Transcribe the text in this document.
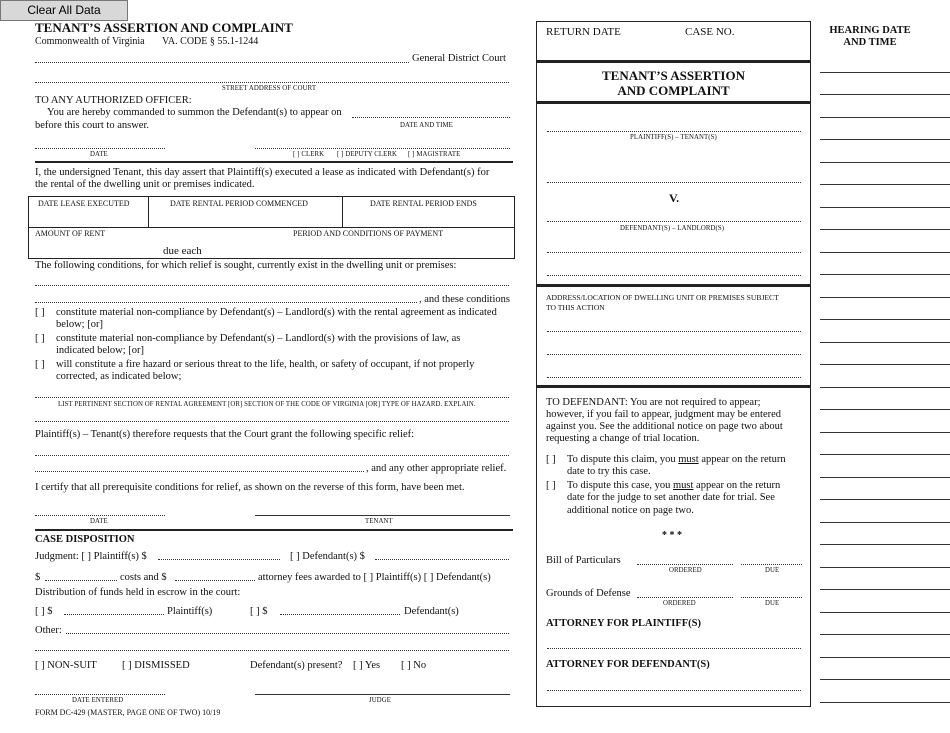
Clear All Data
TENANT’S ASSERTION AND COMPLAINT
Commonwealth of Virginia VA. CODE § 55.1-1244
General District Court
STREET ADDRESS OF COURT
TO ANY AUTHORIZED OFFICER:
You are hereby commanded to summon the Defendant(s) to appear on
before this court to answer.	DATE AND TIME
DATE	[ ] CLERK [ ] DEPUTY CLERK [ ] MAGISTRATE
I, the undersigned Tenant, this day assert that Plaintiff(s) executed a lease as indicated with Defendant(s) for
the rental of the dwelling unit or premises indicated.
DATE LEASE EXECUTED	DATE RENTAL PERIOD COMMENCED	DATE RENTAL PERIOD ENDS
AMOUNT OF RENT	PERIOD AND CONDITIONS OF PAYMENT
due each
The following conditions, for which relief is sought, currently exist in the dwelling unit or premises:
, and these conditions
[ ] constitute material non-compliance by Defendant(s) – Landlord(s) with the rental agreement as indicated
below; [or]
[ ] constitute material non-compliance by Defendant(s) – Landlord(s) with the provisions of law, as
indicated below; [or]
[ ] will constitute a fire hazard or serious threat to the life, health, or safety of occupant, if not properly
corrected, as indicated below;
LIST PERTINENT SECTION OF RENTAL AGREEMENT [OR] SECTION OF THE CODE OF VIRGINIA [OR] TYPE OF HAZARD. EXPLAIN.
Plaintiff(s) – Tenant(s) therefore requests that the Court grant the following specific relief:
, and any other appropriate relief.
I certify that all prerequisite conditions for relief, as shown on the reverse of this form, have been met.
DATE	TENANT
CASE DISPOSITION
Judgment: [ ] Plaintiff(s) $	[ ] Defendant(s) $
$	costs and $	attorney fees awarded to [ ] Plaintiff(s) [ ] Defendant(s)
Distribution of funds held in escrow in the court:
[ ] $	Plaintiff(s)	[ ] $	Defendant(s)
Other:
[ ] NON-SUIT [ ] DISMISSED	Defendant(s) present? [ ] Yes [ ] No
DATE ENTERED	JUDGE
FORM DC-429 (MASTER, PAGE ONE OF TWO) 10/19
RETURN DATE	CASE NO.
TENANT’S ASSERTION
AND COMPLAINT
PLAINTIFF(S) – TENANT(S)
V.
DEFENDANT(S) – LANDLORD(S)
ADDRESS/LOCATION OF DWELLING UNIT OR PREMISES SUBJECT
TO THIS ACTION
TO DEFENDANT: You are not required to appear;
however, if you fail to appear, judgment may be entered
against you. See the additional notice on page two about
requesting a change of trial location.
[ ] To dispute this claim, you must appear on the return
date to try this case.
[ ] To dispute this case, you must appear on the return
date for the judge to set another date for trial. See
additional notice on page two.
* * *
Bill of Particulars
ORDERED	DUE
Grounds of Defense
ORDERED	DUE
ATTORNEY FOR PLAINTIFF(S)
ATTORNEY FOR DEFENDANT(S)
HEARING DATE
AND TIME
